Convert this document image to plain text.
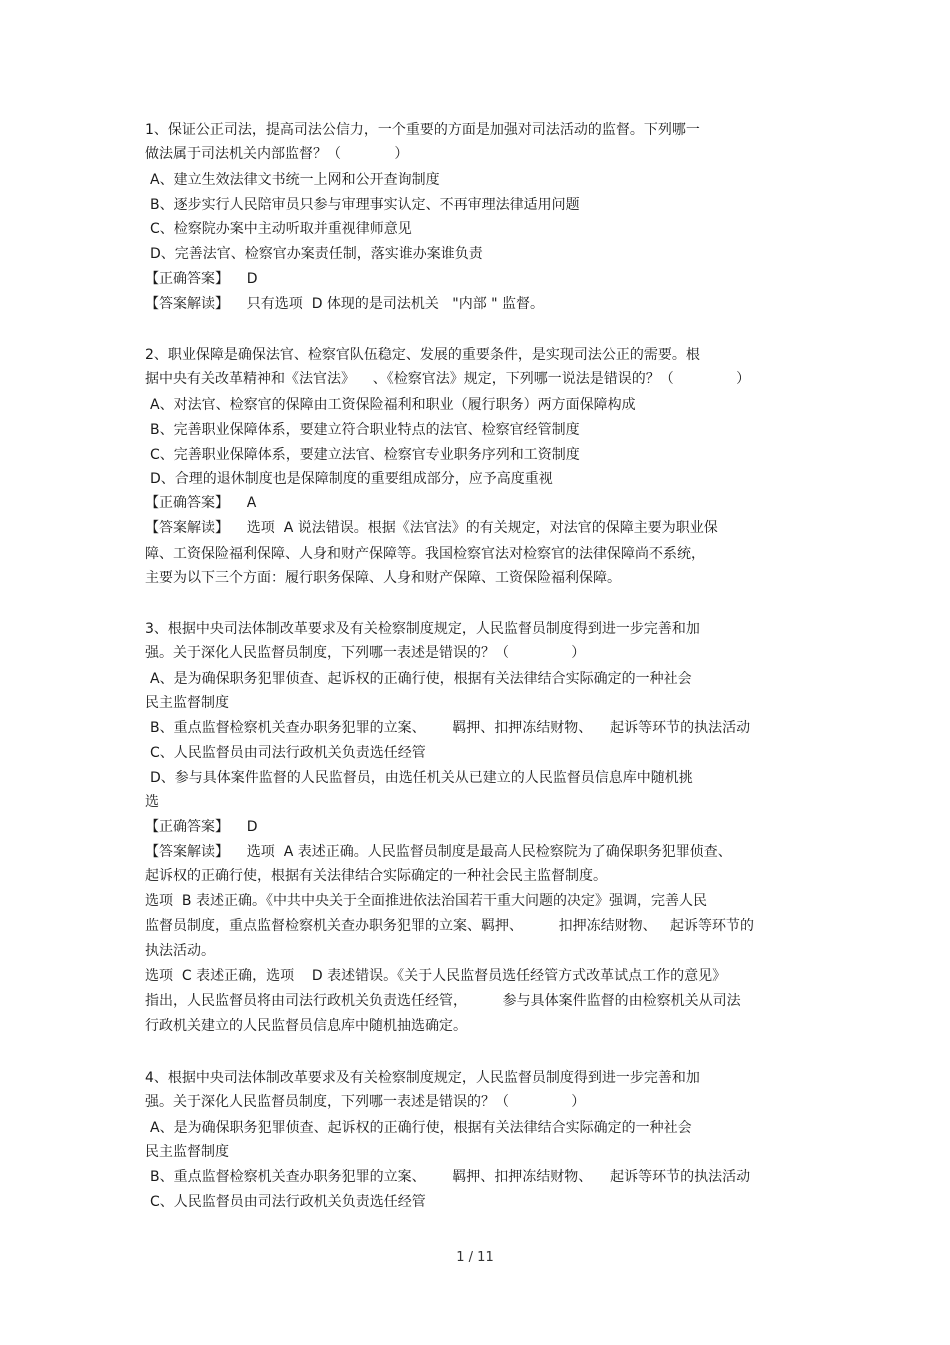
1、保证公正司法，提高司法公信力，一个重要的方面是加强对司法活动的监督。下列哪一
做法属于司法机关内部监督？（            ）
A、建立生效法律文书统一上网和公开查询制度
B、逐步实行人民陪审员只参与审理事实认定、不再审理法律适用问题
C、检察院办案中主动听取并重视律师意见
D、完善法官、检察官办案责任制，落实谁办案谁负责
【正确答案】    D
【答案解读】    只有选项  D 体现的是司法机关   "内部 " 监督。
2、职业保障是确保法官、检察官队伍稳定、发展的重要条件，是实现司法公正的需要。根
据中央有关改革精神和《法官法》    、《检察官法》规定，下列哪一说法是错误的？（              ）
A、对法官、检察官的保障由工资保险福利和职业（履行职务）两方面保障构成
B、完善职业保障体系，要建立符合职业特点的法官、检察官经管制度
C、完善职业保障体系，要建立法官、检察官专业职务序列和工资制度
D、合理的退休制度也是保障制度的重要组成部分，应予高度重视
【正确答案】    A
【答案解读】    选项  A 说法错误。根据《法官法》的有关规定，对法官的保障主要为职业保
障、工资保险福利保障、人身和财产保障等。我国检察官法对检察官的法律保障尚不系统，
主要为以下三个方面：履行职务保障、人身和财产保障、工资保险福利保障。
3、根据中央司法体制改革要求及有关检察制度规定，人民监督员制度得到进一步完善和加
强。关于深化人民监督员制度，下列哪一表述是错误的？（              ）
A、是为确保职务犯罪侦查、起诉权的正确行使，根据有关法律结合实际确定的一种社会
民主监督制度
B、重点监督检察机关查办职务犯罪的立案、      羁押、扣押冻结财物、    起诉等环节的执法活动
C、人民监督员由司法行政机关负责选任经管
D、参与具体案件监督的人民监督员，由选任机关从已建立的人民监督员信息库中随机挑
选
【正确答案】    D
【答案解读】    选项  A 表述正确。人民监督员制度是最高人民检察院为了确保职务犯罪侦查、
起诉权的正确行使，根据有关法律结合实际确定的一种社会民主监督制度。
选项  B 表述正确。《中共中央关于全面推进依法治国若干重大问题的决定》强调，完善人民
监督员制度，重点监督检察机关查办职务犯罪的立案、羁押、        扣押冻结财物、   起诉等环节的
执法活动。
选项  C 表述正确，选项    D 表述错误。《关于人民监督员选任经管方式改革试点工作的意见》
指出，人民监督员将由司法行政机关负责选任经管，        参与具体案件监督的由检察机关从司法
行政机关建立的人民监督员信息库中随机抽选确定。
4、根据中央司法体制改革要求及有关检察制度规定，人民监督员制度得到进一步完善和加
强。关于深化人民监督员制度，下列哪一表述是错误的？（              ）
A、是为确保职务犯罪侦查、起诉权的正确行使，根据有关法律结合实际确定的一种社会
民主监督制度
B、重点监督检察机关查办职务犯罪的立案、      羁押、扣押冻结财物、    起诉等环节的执法活动
C、人民监督员由司法行政机关负责选任经管
1 / 11
